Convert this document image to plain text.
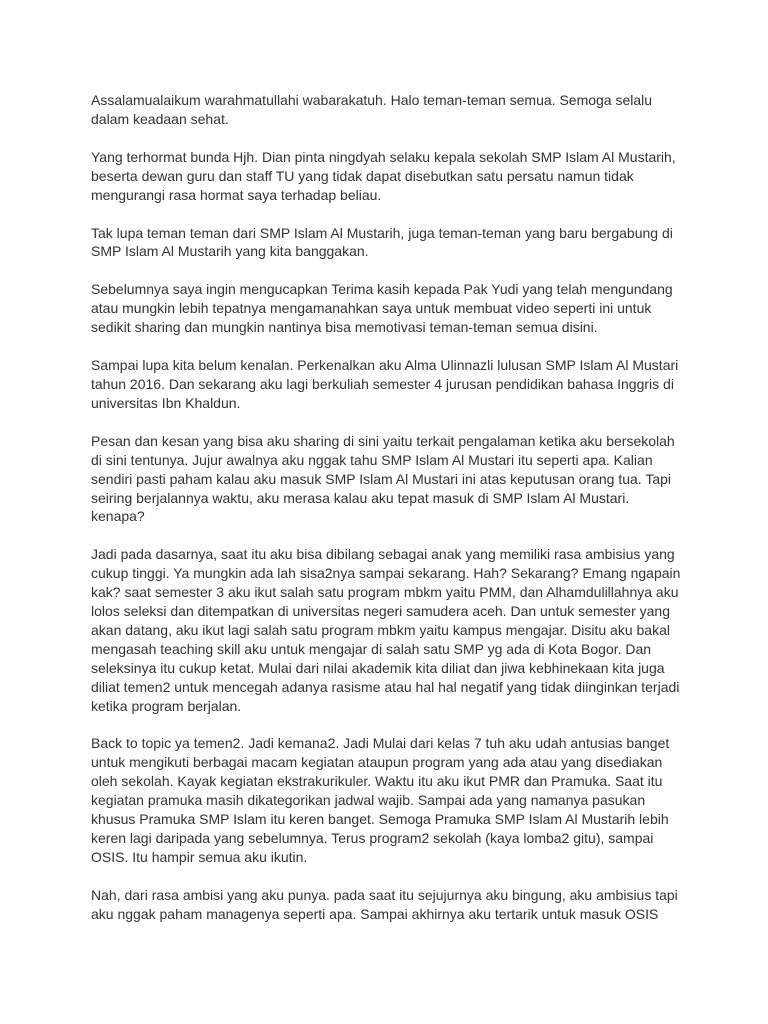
Assalamualaikum warahmatullahi wabarakatuh. Halo teman-teman semua. Semoga selalu
dalam keadaan sehat.

Yang terhormat bunda Hjh. Dian pinta ningdyah selaku kepala sekolah SMP Islam Al Mustarih,
beserta dewan guru dan staff TU yang tidak dapat disebutkan satu persatu namun tidak
mengurangi rasa hormat saya terhadap beliau.

Tak lupa teman teman dari SMP Islam Al Mustarih, juga teman-teman yang baru bergabung di
SMP Islam Al Mustarih yang kita banggakan.

Sebelumnya saya ingin mengucapkan Terima kasih kepada Pak Yudi yang telah mengundang
atau mungkin lebih tepatnya mengamanahkan saya untuk membuat video seperti ini untuk
sedikit sharing dan mungkin nantinya bisa memotivasi teman-teman semua disini.

Sampai lupa kita belum kenalan. Perkenalkan aku Alma Ulinnazli lulusan SMP Islam Al Mustari
tahun 2016. Dan sekarang aku lagi berkuliah semester 4 jurusan pendidikan bahasa Inggris di
universitas Ibn Khaldun.

Pesan dan kesan yang bisa aku sharing di sini yaitu terkait pengalaman ketika aku bersekolah
di sini tentunya. Jujur awalnya aku nggak tahu SMP Islam Al Mustari itu seperti apa. Kalian
sendiri pasti paham kalau aku masuk SMP Islam Al Mustari ini atas keputusan orang tua. Tapi
seiring berjalannya waktu, aku merasa kalau aku tepat masuk di SMP Islam Al Mustari.
kenapa?

Jadi pada dasarnya, saat itu aku bisa dibilang sebagai anak yang memiliki rasa ambisius yang
cukup tinggi. Ya mungkin ada lah sisa2nya sampai sekarang. Hah? Sekarang? Emang ngapain
kak? saat semester 3 aku ikut salah satu program mbkm yaitu PMM, dan Alhamdulillahnya aku
lolos seleksi dan ditempatkan di universitas negeri samudera aceh. Dan untuk semester yang
akan datang, aku ikut lagi salah satu program mbkm yaitu kampus mengajar. Disitu aku bakal
mengasah teaching skill aku untuk mengajar di salah satu SMP yg ada di Kota Bogor. Dan
seleksinya itu cukup ketat. Mulai dari nilai akademik kita diliat dan jiwa kebhinekaan kita juga
diliat temen2 untuk mencegah adanya rasisme atau hal hal negatif yang tidak diinginkan terjadi
ketika program berjalan.

Back to topic ya temen2. Jadi kemana2. Jadi Mulai dari kelas 7 tuh aku udah antusias banget
untuk mengikuti berbagai macam kegiatan ataupun program yang ada atau yang disediakan
oleh sekolah. Kayak kegiatan ekstrakurikuler. Waktu itu aku ikut PMR dan Pramuka. Saat itu
kegiatan pramuka masih dikategorikan jadwal wajib. Sampai ada yang namanya pasukan
khusus Pramuka SMP Islam itu keren banget. Semoga Pramuka SMP Islam Al Mustarih lebih
keren lagi daripada yang sebelumnya. Terus program2 sekolah (kaya lomba2 gitu), sampai
OSIS. Itu hampir semua aku ikutin.

Nah, dari rasa ambisi yang aku punya. pada saat itu sejujurnya aku bingung, aku ambisius tapi
aku nggak paham managenya seperti apa. Sampai akhirnya aku tertarik untuk masuk OSIS
